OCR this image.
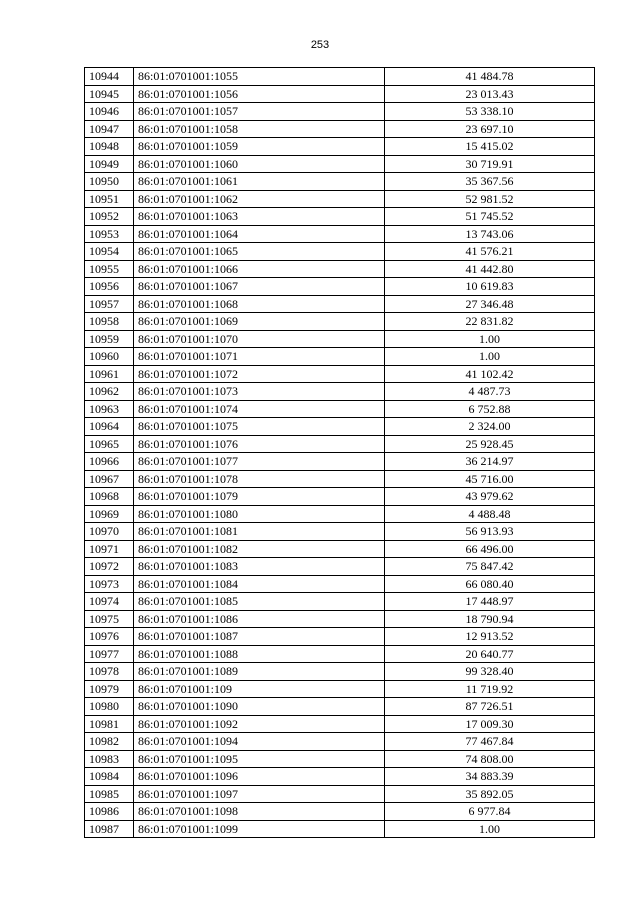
253
10944	86:01:0701001:1055	41 484.78
10945	86:01:0701001:1056	23 013.43
10946	86:01:0701001:1057	53 338.10
10947	86:01:0701001:1058	23 697.10
10948	86:01:0701001:1059	15 415.02
10949	86:01:0701001:1060	30 719.91
10950	86:01:0701001:1061	35 367.56
10951	86:01:0701001:1062	52 981.52
10952	86:01:0701001:1063	51 745.52
10953	86:01:0701001:1064	13 743.06
10954	86:01:0701001:1065	41 576.21
10955	86:01:0701001:1066	41 442.80
10956	86:01:0701001:1067	10 619.83
10957	86:01:0701001:1068	27 346.48
10958	86:01:0701001:1069	22 831.82
10959	86:01:0701001:1070	1.00
10960	86:01:0701001:1071	1.00
10961	86:01:0701001:1072	41 102.42
10962	86:01:0701001:1073	4 487.73
10963	86:01:0701001:1074	6 752.88
10964	86:01:0701001:1075	2 324.00
10965	86:01:0701001:1076	25 928.45
10966	86:01:0701001:1077	36 214.97
10967	86:01:0701001:1078	45 716.00
10968	86:01:0701001:1079	43 979.62
10969	86:01:0701001:1080	4 488.48
10970	86:01:0701001:1081	56 913.93
10971	86:01:0701001:1082	66 496.00
10972	86:01:0701001:1083	75 847.42
10973	86:01:0701001:1084	66 080.40
10974	86:01:0701001:1085	17 448.97
10975	86:01:0701001:1086	18 790.94
10976	86:01:0701001:1087	12 913.52
10977	86:01:0701001:1088	20 640.77
10978	86:01:0701001:1089	99 328.40
10979	86:01:0701001:109	11 719.92
10980	86:01:0701001:1090	87 726.51
10981	86:01:0701001:1092	17 009.30
10982	86:01:0701001:1094	77 467.84
10983	86:01:0701001:1095	74 808.00
10984	86:01:0701001:1096	34 883.39
10985	86:01:0701001:1097	35 892.05
10986	86:01:0701001:1098	6 977.84
10987	86:01:0701001:1099	1.00
